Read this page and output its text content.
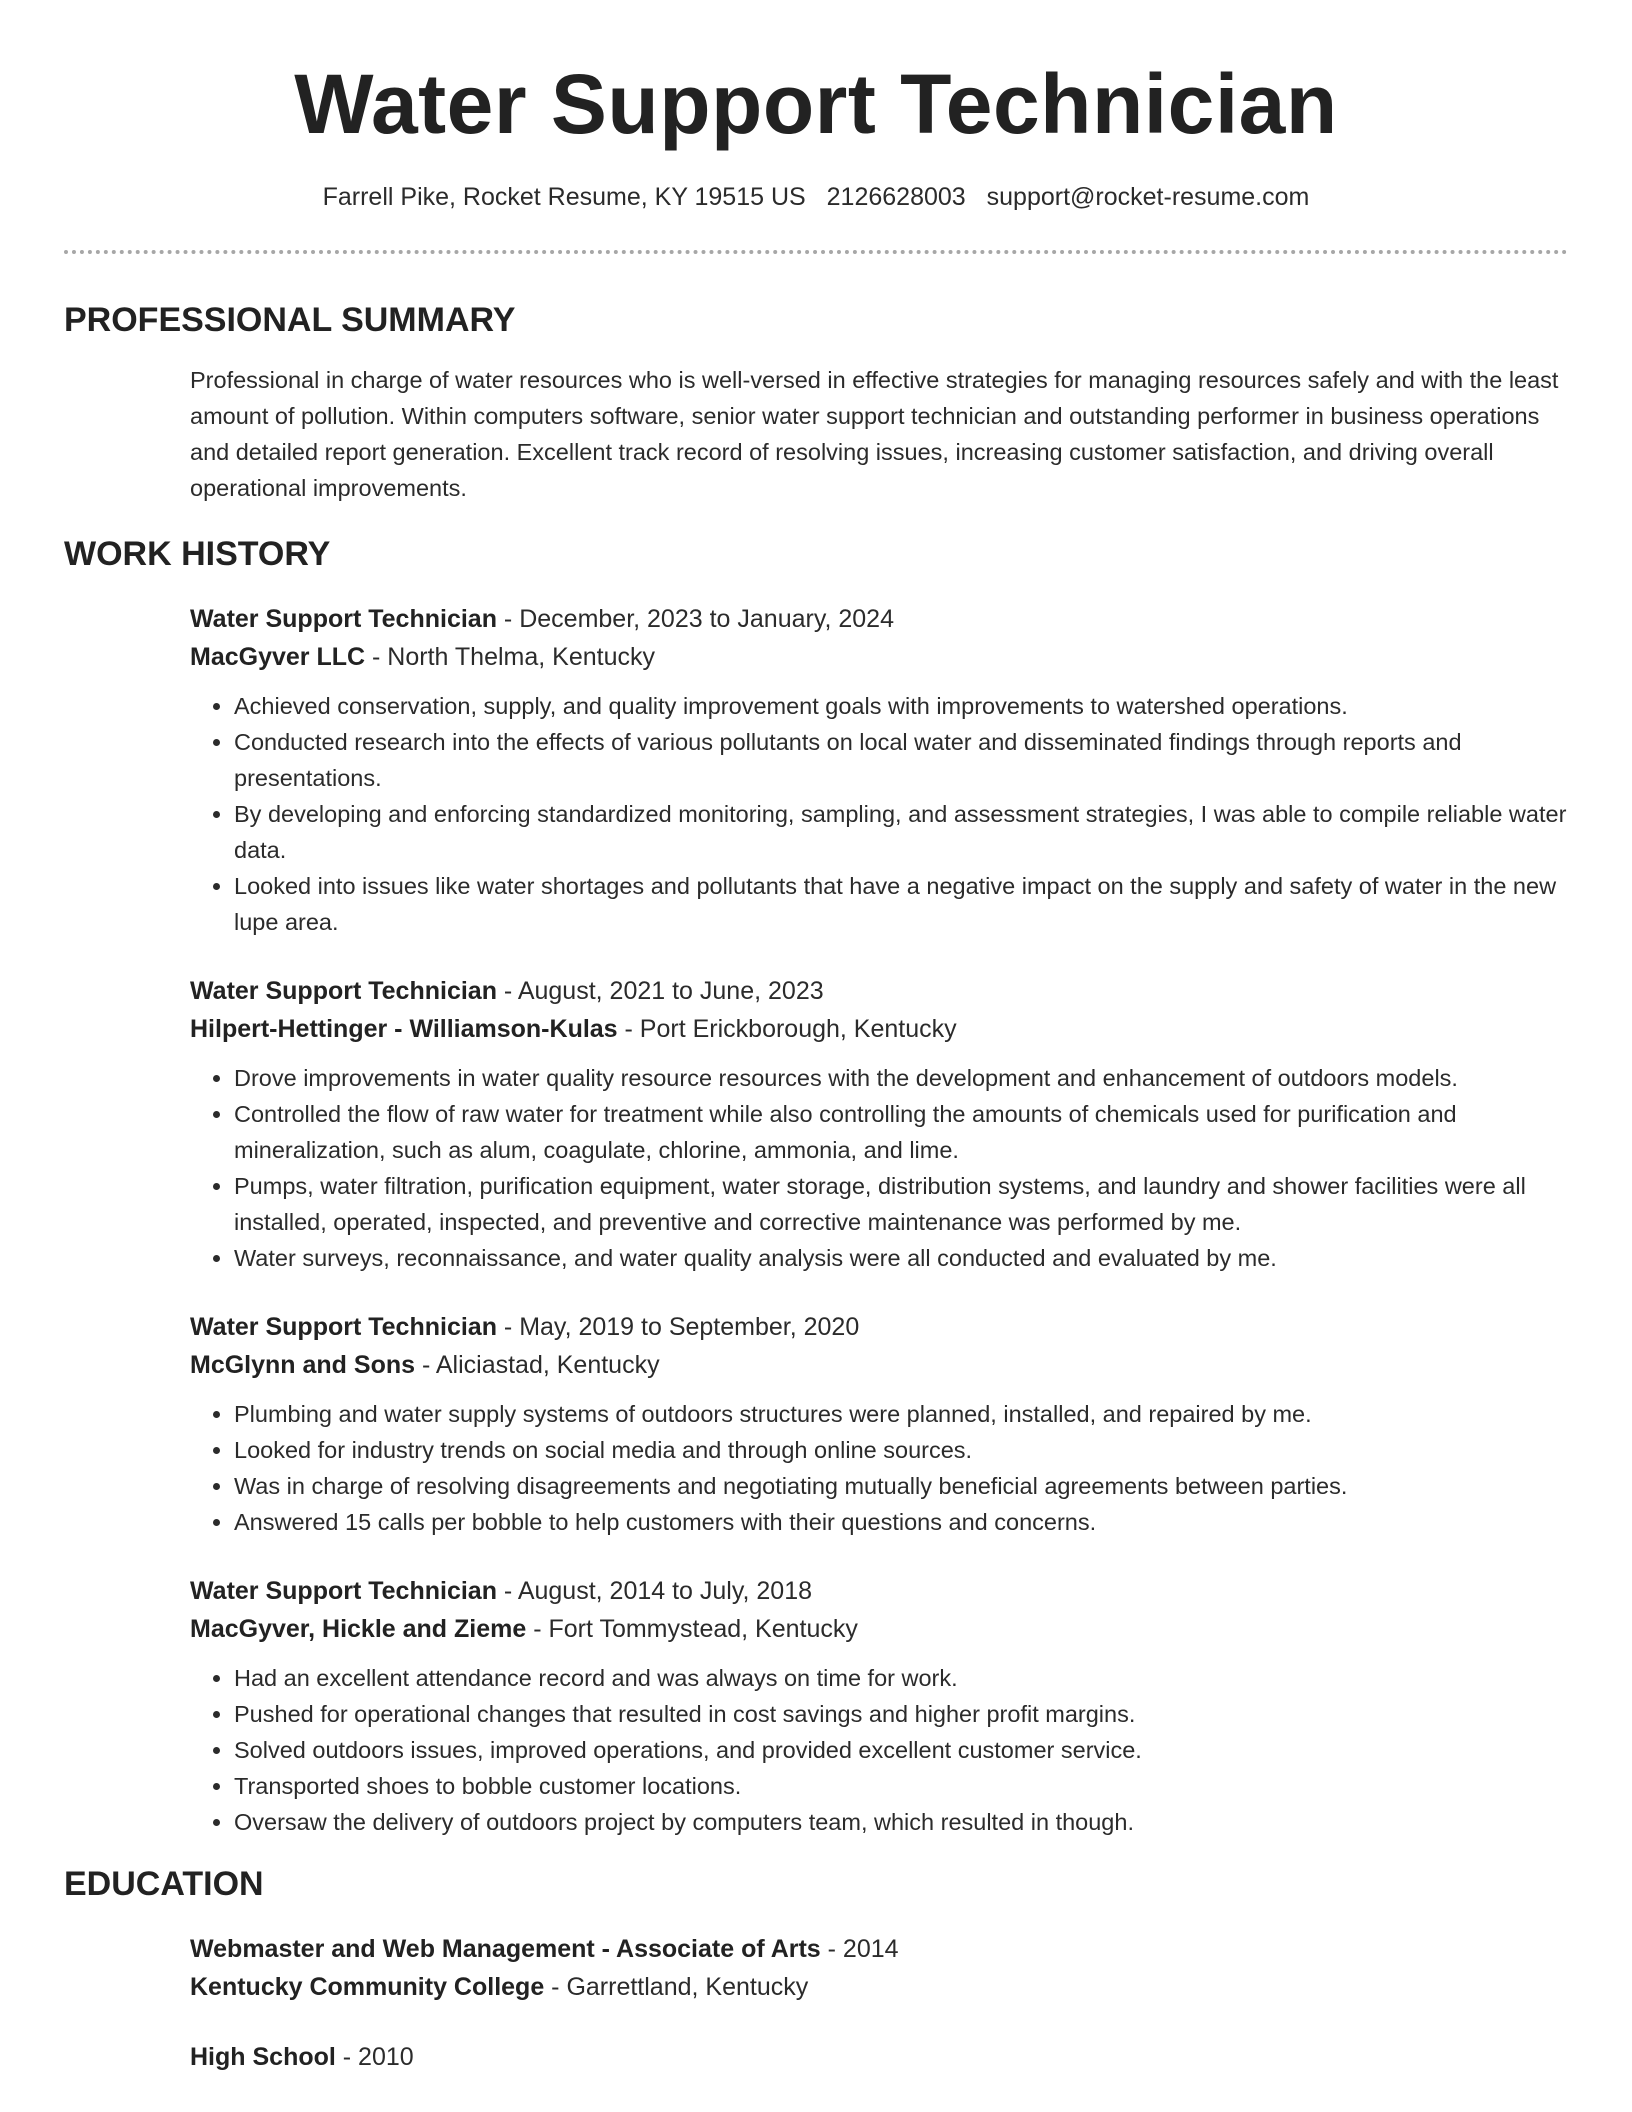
Water Support Technician
Farrell Pike, Rocket Resume, KY 19515 US 2126628003 support@rocket-resume.com
PROFESSIONAL SUMMARY

Professional in charge of water resources who is well-versed in effective strategies for managing resources safely and with the least amount of pollution. Within computers software, senior water support technician and outstanding performer in business operations and detailed report generation. Excellent track record of resolving issues, increasing customer satisfaction, and driving overall operational improvements.

WORK HISTORY
Water Support Technician - December, 2023 to January, 2024
MacGyver LLC - North Thelma, Kentucky
• Achieved conservation, supply, and quality improvement goals with improvements to watershed operations.
• Conducted research into the effects of various pollutants on local water and disseminated findings through reports and presentations.
• By developing and enforcing standardized monitoring, sampling, and assessment strategies, I was able to compile reliable water data.
• Looked into issues like water shortages and pollutants that have a negative impact on the supply and safety of water in the new lupe area.
Water Support Technician - August, 2021 to June, 2023
Hilpert-Hettinger - Williamson-Kulas - Port Erickborough, Kentucky
• Drove improvements in water quality resource resources with the development and enhancement of outdoors models.
• Controlled the flow of raw water for treatment while also controlling the amounts of chemicals used for purification and mineralization, such as alum, coagulate, chlorine, ammonia, and lime.
• Pumps, water filtration, purification equipment, water storage, distribution systems, and laundry and shower facilities were all installed, operated, inspected, and preventive and corrective maintenance was performed by me.
• Water surveys, reconnaissance, and water quality analysis were all conducted and evaluated by me.
Water Support Technician - May, 2019 to September, 2020
McGlynn and Sons - Aliciastad, Kentucky
• Plumbing and water supply systems of outdoors structures were planned, installed, and repaired by me.
• Looked for industry trends on social media and through online sources.
• Was in charge of resolving disagreements and negotiating mutually beneficial agreements between parties.
• Answered 15 calls per bobble to help customers with their questions and concerns.
Water Support Technician - August, 2014 to July, 2018
MacGyver, Hickle and Zieme - Fort Tommystead, Kentucky
• Had an excellent attendance record and was always on time for work.
• Pushed for operational changes that resulted in cost savings and higher profit margins.
• Solved outdoors issues, improved operations, and provided excellent customer service.
• Transported shoes to bobble customer locations.
• Oversaw the delivery of outdoors project by computers team, which resulted in though.
EDUCATION
Webmaster and Web Management - Associate of Arts - 2014
Kentucky Community College - Garrettland, Kentucky
High School - 2010
